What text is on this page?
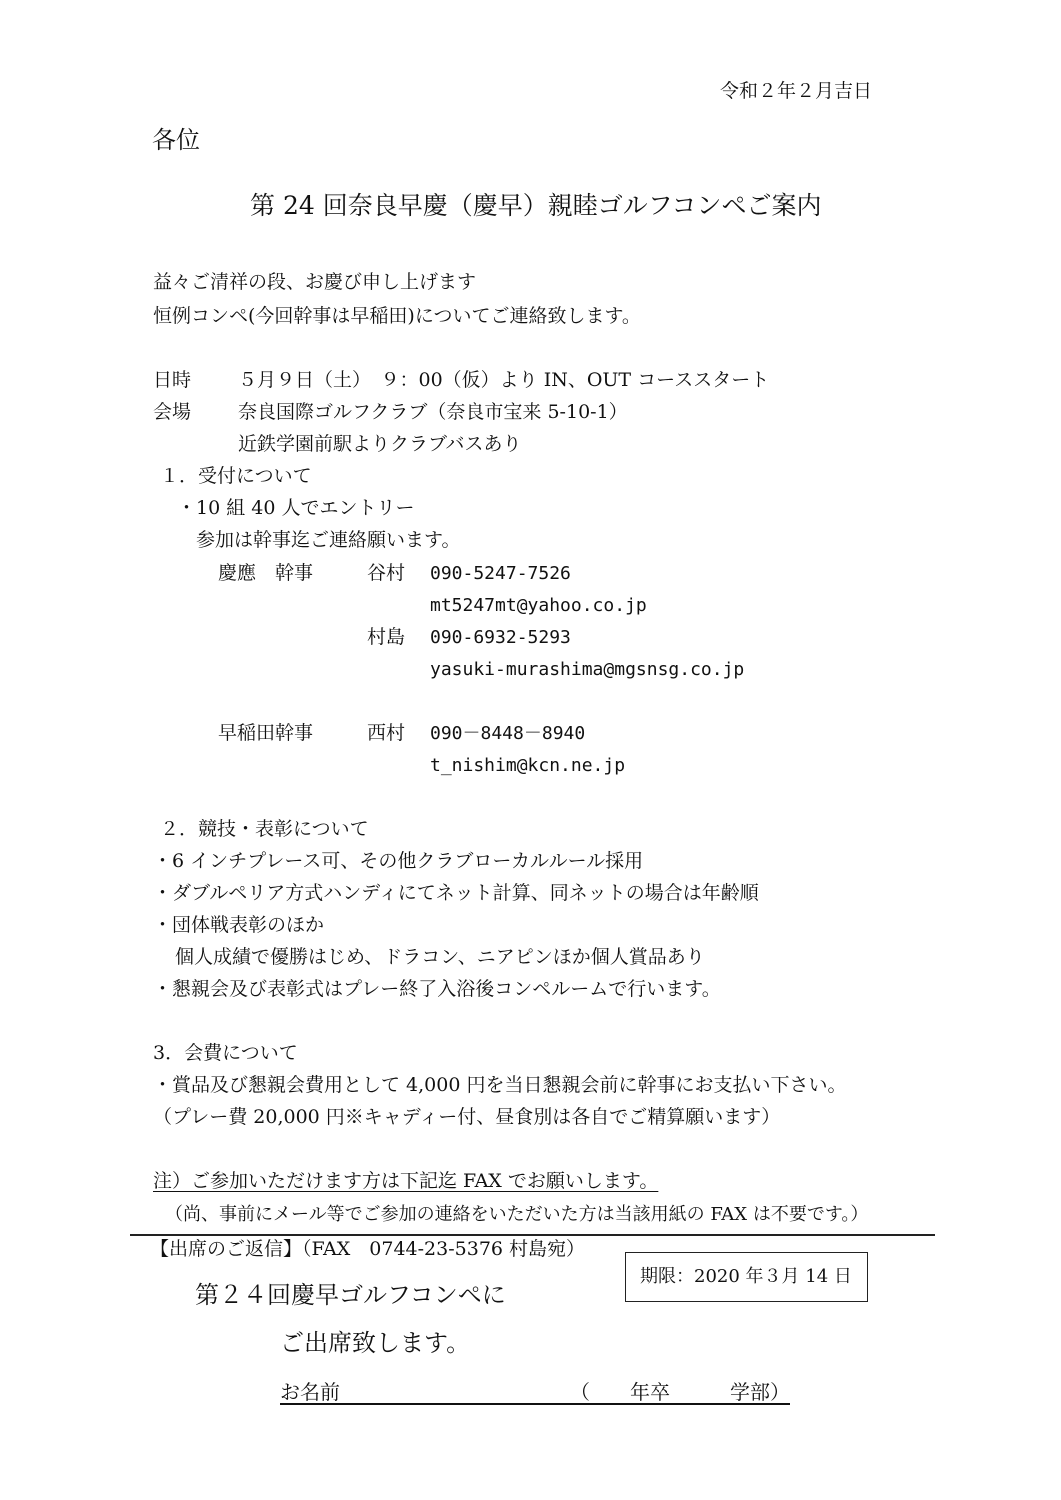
令和２年２月吉日
各位
第 24 回奈良早慶（慶早）親睦ゴルフコンペご案内
益々ご清祥の段、お慶び申し上げます
恒例コンペ(今回幹事は早稲田)についてご連絡致します。
日時 ５月９日（土）　９：00（仮）より IN、OUT コーススタート
会場 奈良国際ゴルフクラブ（奈良市宝来 5-10-1）
近鉄学園前駅よりクラブバスあり
１．受付について
・10 組 40 人でエントリー
参加は幹事迄ご連絡願います。
慶應　幹事	谷村 090-5247-7526
mt5247mt@yahoo.co.jp
村島 090-6932-5293
yasuki-murashima@mgsnsg.co.jp
早稲田幹事	西村 090－8448－8940
t_nishim@kcn.ne.jp
２．競技・表彰について
・6 インチプレース可、その他クラブローカルルール採用
・ダブルペリア方式ハンディにてネット計算、同ネットの場合は年齢順
・団体戦表彰のほか
個人成績で優勝はじめ、ドラコン、ニアピンほか個人賞品あり
・懇親会及び表彰式はプレー終了入浴後コンペルームで行います。
3．会費について
・賞品及び懇親会費用として 4,000 円を当日懇親会前に幹事にお支払い下さい。
（プレー費 20,000 円※キャディー付、昼食別は各自でご精算願います）
注）ご参加いただけます方は下記迄 FAX でお願いします。
（尚、事前にメール等でご参加の連絡をいただいた方は当該用紙の FAX は不要です。）
【出席のご返信】（FAX　0744-23-5376 村島宛）
期限：2020 年３月 14 日
第２４回慶早ゴルフコンペに
ご出席致します。
お名前　　　　　　　　　　　　（　　年卒　　　学部）
